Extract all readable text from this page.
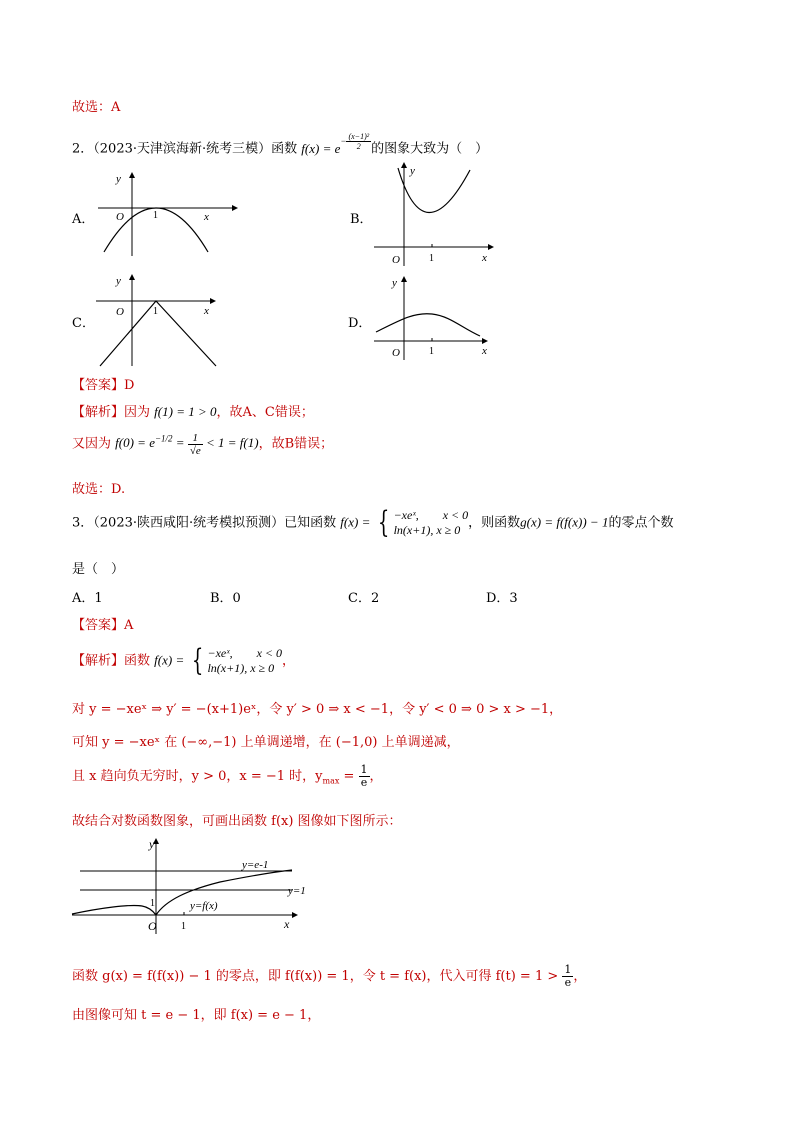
故选：A
2．（2023·天津滨海新·统考三模）函数 $f(x) = e^{- \frac{\text{(x−1)²}}{2}}$ 的图象大致为（　）
A．
y
O	1	x	B．
y
O	1	x
C．
y
O	1	x
D．
y
O	1	x
【答案】D
【解析】因为 f(1) = 1 > 0，故A、C错误；
又因为 $f(0) = e^{-1/2} = \frac{1}{√e} < 1 = f(1)$，故B错误；
故选：D.
3．（2023·陕西咸阳·统考模拟预测）已知函数 f(x) = { −xeˣ,　　x < 0
ln(x+1), x ≥ 0 ，则函数g(x) = f(f(x)) − 1的零点个数
是（　）
A．1	B．0	C．2	D．3
【答案】A
【解析】函数 f(x) = { −xeˣ,　　x < 0
ln(x+1), x ≥ 0 ，
对 y = −xeˣ ⇒ y′ = −(x+1)eˣ，令 y′ > 0 ⇒ x < −1，令 y′ < 0 ⇒ 0 > x > −1，
可知 y = −xeˣ 在 (−∞,−1) 上单调递增，在 (−1,0) 上单调递减，
且 x 趋向负无穷时，y > 0，x = −1 时，$y_{max} = \frac{1}{e}$ ，
故结合对数函数图象，可画出函数 f(x) 图像如下图所示：
y
y=e-1
y=1
y=f(x)
1
O 1	x
函数 g(x) = f(f(x)) − 1 的零点，即 f(f(x)) = 1，令 t = f(x)，代入可得 $f(t) = 1 > \frac{1}{e}$ ，
由图像可知 t = e − 1，即 f(x) = e − 1，
